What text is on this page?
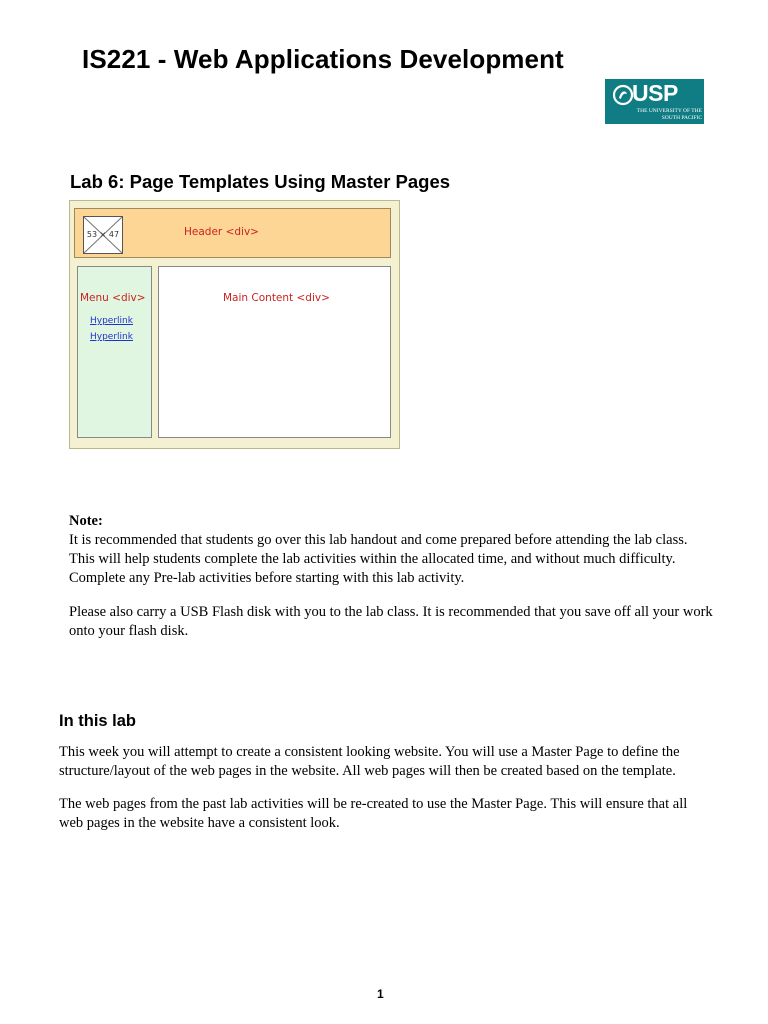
IS221 - Web Applications Development
USP
THE UNIVERSITY OF THE SOUTH PACIFIC
Lab 6: Page Templates Using Master Pages
53 × 47	Header <div>
Menu <div>
Hyperlink
Hyperlink
Main Content <div>
Note:
It is recommended that students go over this lab handout and come prepared before attending the lab class. This will help students complete the lab activities within the allocated time, and without much difficulty. Complete any Pre-lab activities before starting with this lab activity.
Please also carry a USB Flash disk with you to the lab class. It is recommended that you save off all your work onto your flash disk.
In this lab
This week you will attempt to create a consistent looking website. You will use a Master Page to define the structure/layout of the web pages in the website. All web pages will then be created based on the template.
The web pages from the past lab activities will be re-created to use the Master Page. This will ensure that all web pages in the website have a consistent look.
1
